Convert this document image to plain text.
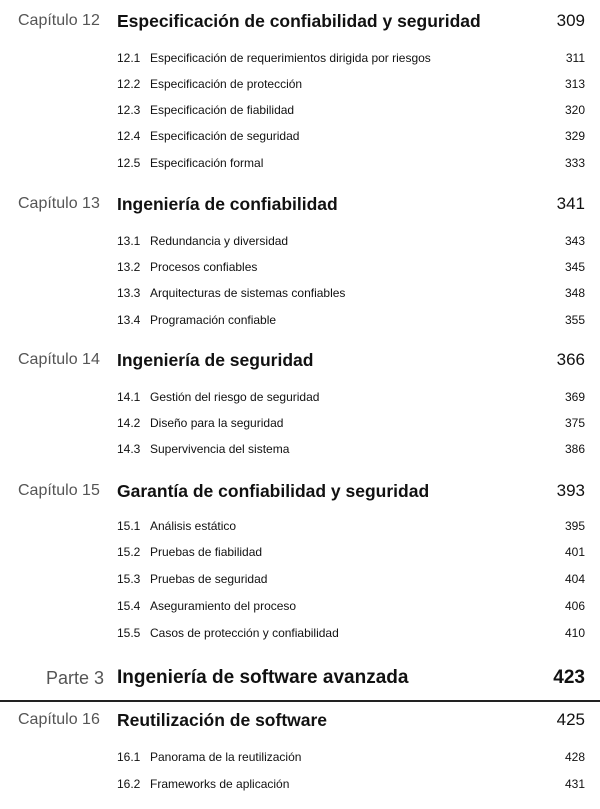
Capítulo 12 Especificación de confiabilidad y seguridad	309
12.1 Especificación de requerimientos dirigida por riesgos	311
12.2 Especificación de protección	313
12.3 Especificación de fiabilidad	320
12.4 Especificación de seguridad	329
12.5 Especificación formal	333
Capítulo 13 Ingeniería de confiabilidad	341
13.1 Redundancia y diversidad	343
13.2 Procesos confiables	345
13.3 Arquitecturas de sistemas confiables	348
13.4 Programación confiable	355
Capítulo 14 Ingeniería de seguridad	366
14.1 Gestión del riesgo de seguridad	369
14.2 Diseño para la seguridad	375
14.3 Supervivencia del sistema	386
Capítulo 15 Garantía de confiabilidad y seguridad	393
15.1 Análisis estático	395
15.2 Pruebas de fiabilidad	401
15.3 Pruebas de seguridad	404
15.4 Aseguramiento del proceso	406
15.5 Casos de protección y confiabilidad	410
Parte 3 Ingeniería de software avanzada	423
Capítulo 16 Reutilización de software	425
16.1 Panorama de la reutilización	428
16.2 Frameworks de aplicación	431
